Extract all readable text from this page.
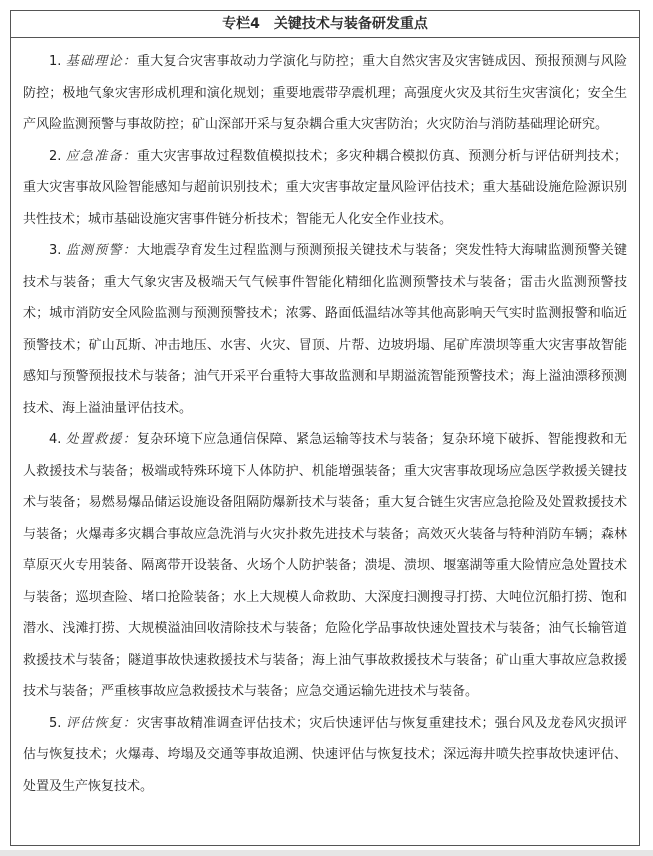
专栏4　关键技术与装备研发重点

1. 基础理论：重大复合灾害事故动力学演化与防控；重大自然灾害及灾害链成因、预报预测与风险防控；极地气象灾害形成机理和演化规划；重要地震带孕震机理；高强度火灾及其衍生灾害演化；安全生产风险监测预警与事故防控；矿山深部开采与复杂耦合重大灾害防治；火灾防治与消防基础理论研究。

2. 应急准备：重大灾害事故过程数值模拟技术；多灾种耦合模拟仿真、预测分析与评估研判技术；重大灾害事故风险智能感知与超前识别技术；重大灾害事故定量风险评估技术；重大基础设施危险源识别共性技术；城市基础设施灾害事件链分析技术；智能无人化安全作业技术。

3. 监测预警：大地震孕育发生过程监测与预测预报关键技术与装备；突发性特大海啸监测预警关键技术与装备；重大气象灾害及极端天气气候事件智能化精细化监测预警技术与装备；雷击火监测预警技术；城市消防安全风险监测与预测预警技术；浓雾、路面低温结冰等其他高影响天气实时监测报警和临近预警技术；矿山瓦斯、冲击地压、水害、火灾、冒顶、片帮、边坡坍塌、尾矿库溃坝等重大灾害事故智能感知与预警预报技术与装备；油气开采平台重特大事故监测和早期溢流智能预警技术；海上溢油漂移预测技术、海上溢油量评估技术。

4. 处置救援：复杂环境下应急通信保障、紧急运输等技术与装备；复杂环境下破拆、智能搜救和无人救援技术与装备；极端或特殊环境下人体防护、机能增强装备；重大灾害事故现场应急医学救援关键技术与装备；易燃易爆品储运设施设备阻隔防爆新技术与装备；重大复合链生灾害应急抢险及处置救援技术与装备；火爆毒多灾耦合事故应急洗消与火灾扑救先进技术与装备；高效灭火装备与特种消防车辆；森林草原灭火专用装备、隔离带开设装备、火场个人防护装备；溃堤、溃坝、堰塞湖等重大险情应急处置技术与装备；巡坝查险、堵口抢险装备；水上大规模人命救助、大深度扫测搜寻打捞、大吨位沉船打捞、饱和潜水、浅滩打捞、大规模溢油回收清除技术与装备；危险化学品事故快速处置技术与装备；油气长输管道救援技术与装备；隧道事故快速救援技术与装备；海上油气事故救援技术与装备；矿山重大事故应急救援技术与装备；严重核事故应急救援技术与装备；应急交通运输先进技术与装备。

5. 评估恢复：灾害事故精准调查评估技术；灾后快速评估与恢复重建技术；强台风及龙卷风灾损评估与恢复技术；火爆毒、垮塌及交通等事故追溯、快速评估与恢复技术；深远海井喷失控事故快速评估、处置及生产恢复技术。
